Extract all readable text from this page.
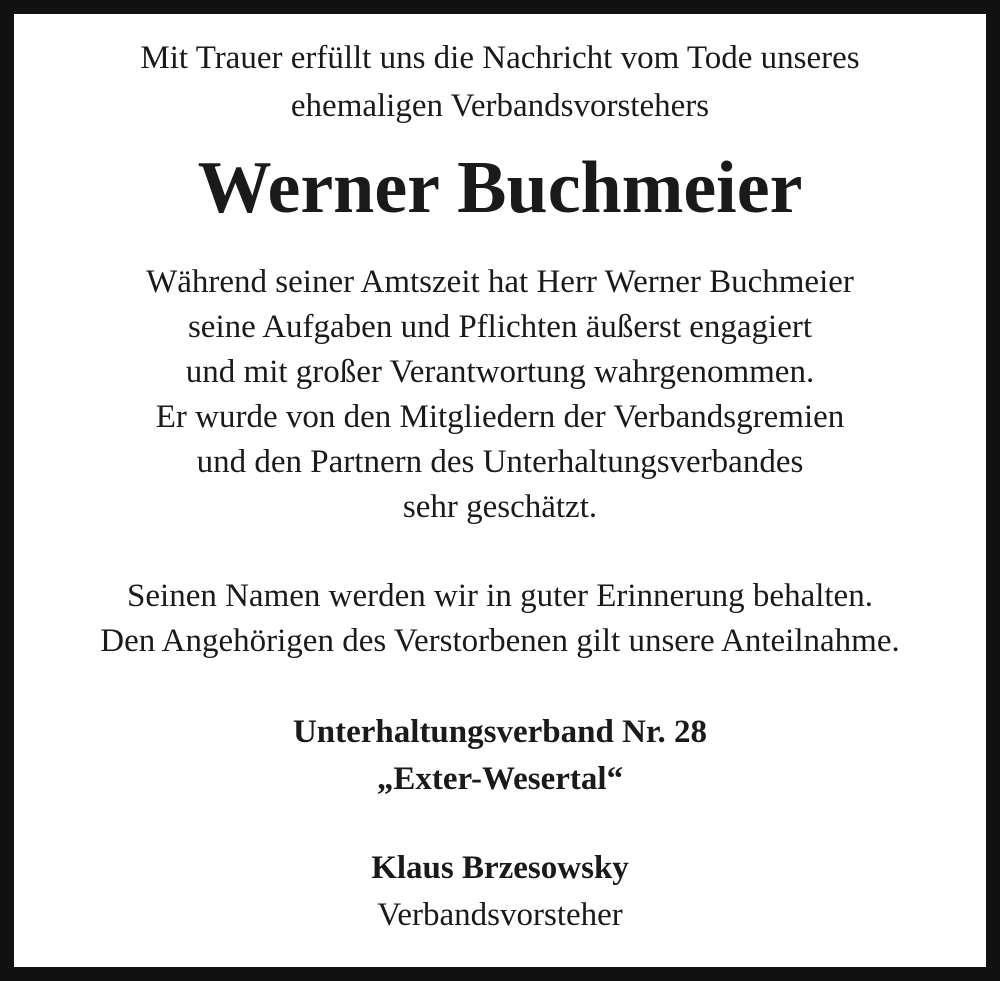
Mit Trauer erfüllt uns die Nachricht vom Tode unseres
ehemaligen Verbandsvorstehers
Werner Buchmeier
Während seiner Amtszeit hat Herr Werner Buchmeier
seine Aufgaben und Pflichten äußerst engagiert
und mit großer Verantwortung wahrgenommen.
Er wurde von den Mitgliedern der Verbandsgremien
und den Partnern des Unterhaltungsverbandes
sehr geschätzt.
Seinen Namen werden wir in guter Erinnerung behalten.
Den Angehörigen des Verstorbenen gilt unsere Anteilnahme.
Unterhaltungsverband Nr. 28
„Exter-Wesertal“
Klaus Brzesowsky
Verbandsvorsteher
